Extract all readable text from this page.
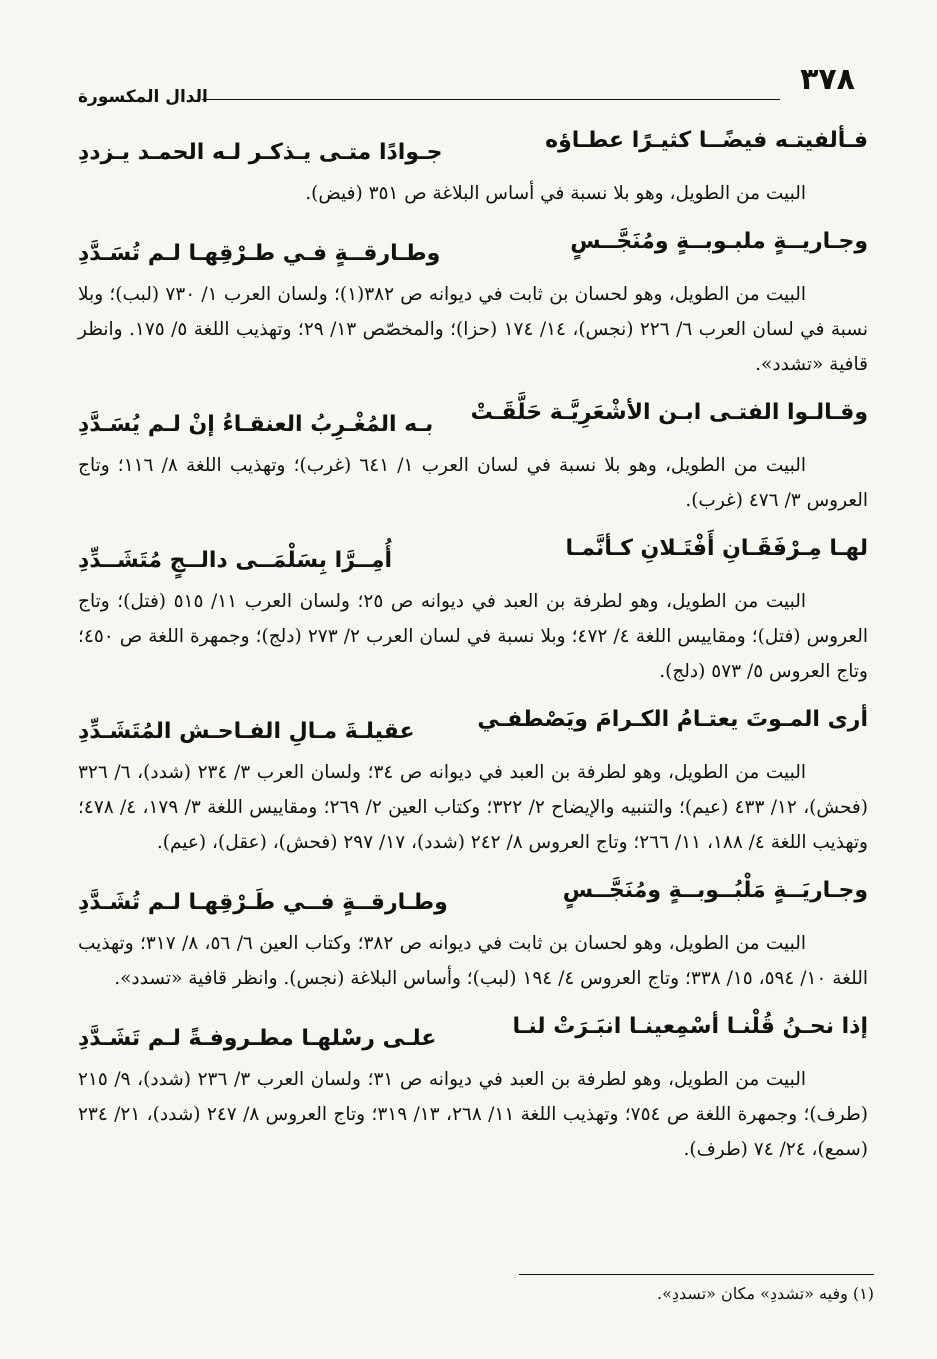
٣٧٨
الدال المكسورة
فـألفيتـه فيضًــا كثيـرًا عطـاؤه
جـوادًا متـى يـذكـر لـه الحمـد يـزددِ

البيت من الطويل، وهو بلا نسبة في أساس البلاغة ص ٣٥١ (فيض).

وجـاريــةٍ ملبـوبــةٍ ومُنَجَّــسٍ
وطـارقــةٍ فـي طـرْقِهـا لـم تُسَـدَّدِ

البيت من الطويل، وهو لحسان بن ثابت في ديوانه ص ٣٨٢(١)؛ ولسان العرب ١/ ٧٣٠ (لبب)؛ وبلا نسبة في لسان العرب ٦/ ٢٢٦ (نجس)، ١٤/ ١٧٤ (حزا)؛ والمخصّص ١٣/ ٢٩؛ وتهذيب اللغة ٥/ ١٧٥. وانظر قافية «تشدد».

وقـالـوا الفتـى ابـن الأشْعَرِيَّـة حَلَّقَـتْ
بـه المُغْـرِبُ العنقـاءُ إنْ لـم يُسَـدَّدِ

البيت من الطويل، وهو بلا نسبة في لسان العرب ١/ ٦٤١ (غرب)؛ وتهذيب اللغة ٨/ ١١٦؛ وتاج العروس ٣/ ٤٧٦ (غرب).

لهـا مِـرْفَقَـانِ أَفْتَـلانِ كـأنَّمـا
أُمِــرَّا بِسَلْمَــى دالــجٍ مُتَشَــدِّدِ

البيت من الطويل، وهو لطرفة بن العبد في ديوانه ص ٢٥؛ ولسان العرب ١١/ ٥١٥ (فتل)؛ وتاج العروس (فتل)؛ ومقاييس اللغة ٤/ ٤٧٢؛ وبلا نسبة في لسان العرب ٢/ ٢٧٣ (دلج)؛ وجمهرة اللغة ص ٤٥٠؛ وتاج العروس ٥/ ٥٧٣ (دلج).

أرى المـوتَ يعتـامُ الكـرامَ ويَصْطفـي
عقيلـةَ مـالِ الفـاحـش المُتَشَـدِّدِ

البيت من الطويل، وهو لطرفة بن العبد في ديوانه ص ٣٤؛ ولسان العرب ٣/ ٢٣٤ (شدد)، ٦/ ٣٢٦ (فحش)، ١٢/ ٤٣٣ (عيم)؛ والتنبيه والإيضاح ٢/ ٣٢٢؛ وكتاب العين ٢/ ٢٦٩؛ ومقاييس اللغة ٣/ ١٧٩، ٤/ ٤٧٨؛ وتهذيب اللغة ٤/ ١٨٨، ١١/ ٢٦٦؛ وتاج العروس ٨/ ٢٤٢ (شدد)، ١٧/ ٢٩٧ (فحش)، (عقل)، (عيم).

وجـاريَــةٍ مَلْبُــوبــةٍ ومُنَجَّــسٍ
وطـارقــةٍ فــي طَـرْقِهـا لـم تُشَـدَّدِ

البيت من الطويل، وهو لحسان بن ثابت في ديوانه ص ٣٨٢؛ وكتاب العين ٦/ ٥٦، ٨/ ٣١٧؛ وتهذيب اللغة ١٠/ ٥٩٤، ١٥/ ٣٣٨؛ وتاج العروس ٤/ ١٩٤ (لبب)؛ وأساس البلاغة (نجس). وانظر قافية «تسدد».

إذا نحـنُ قُلْنـا أسْمِعينـا انبَـرَتْ لنـا
علـى رسْلهـا مطـروفـةً لـم تَشَـدَّدِ

البيت من الطويل، وهو لطرفة بن العبد في ديوانه ص ٣١؛ ولسان العرب ٣/ ٢٣٦ (شدد)، ٩/ ٢١٥ (طرف)؛ وجمهرة اللغة ص ٧٥٤؛ وتهذيب اللغة ١١/ ٢٦٨، ١٣/ ٣١٩؛ وتاج العروس ٨/ ٢٤٧ (شدد)، ٢١/ ٢٣٤ (سمع)، ٢٤/ ٧٤ (طرف).

(١) وفيه «تشددِ» مكان «تسددِ».
